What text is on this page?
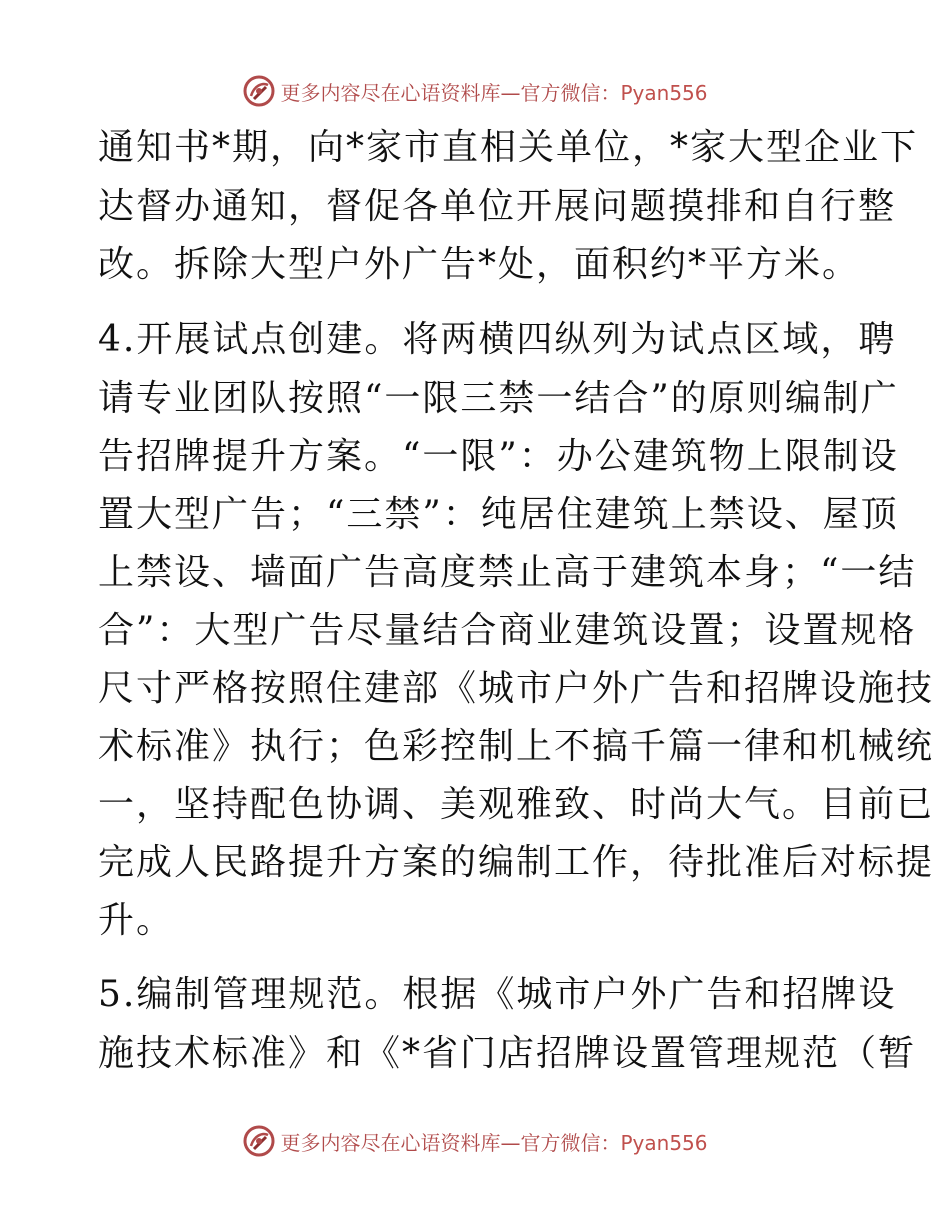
更多内容尽在心语资料库—官方微信：Pyan556
通知书*期，向*家市直相关单位，*家大型企业下
达督办通知，督促各单位开展问题摸排和自行整
改。拆除大型户外广告*处，面积约*平方米。
4.开展试点创建。将两横四纵列为试点区域，聘
请专业团队按照“一限三禁一结合”的原则编制广
告招牌提升方案。“一限”：办公建筑物上限制设
置大型广告；“三禁”：纯居住建筑上禁设、屋顶
上禁设、墙面广告高度禁止高于建筑本身；“一结
合”：大型广告尽量结合商业建筑设置；设置规格
尺寸严格按照住建部《城市户外广告和招牌设施技
术标准》执行；色彩控制上不搞千篇一律和机械统
一，坚持配色协调、美观雅致、时尚大气。目前已
完成人民路提升方案的编制工作，待批准后对标提
升。
5.编制管理规范。根据《城市户外广告和招牌设
施技术标准》和《*省门店招牌设置管理规范（暂
更多内容尽在心语资料库—官方微信：Pyan556
